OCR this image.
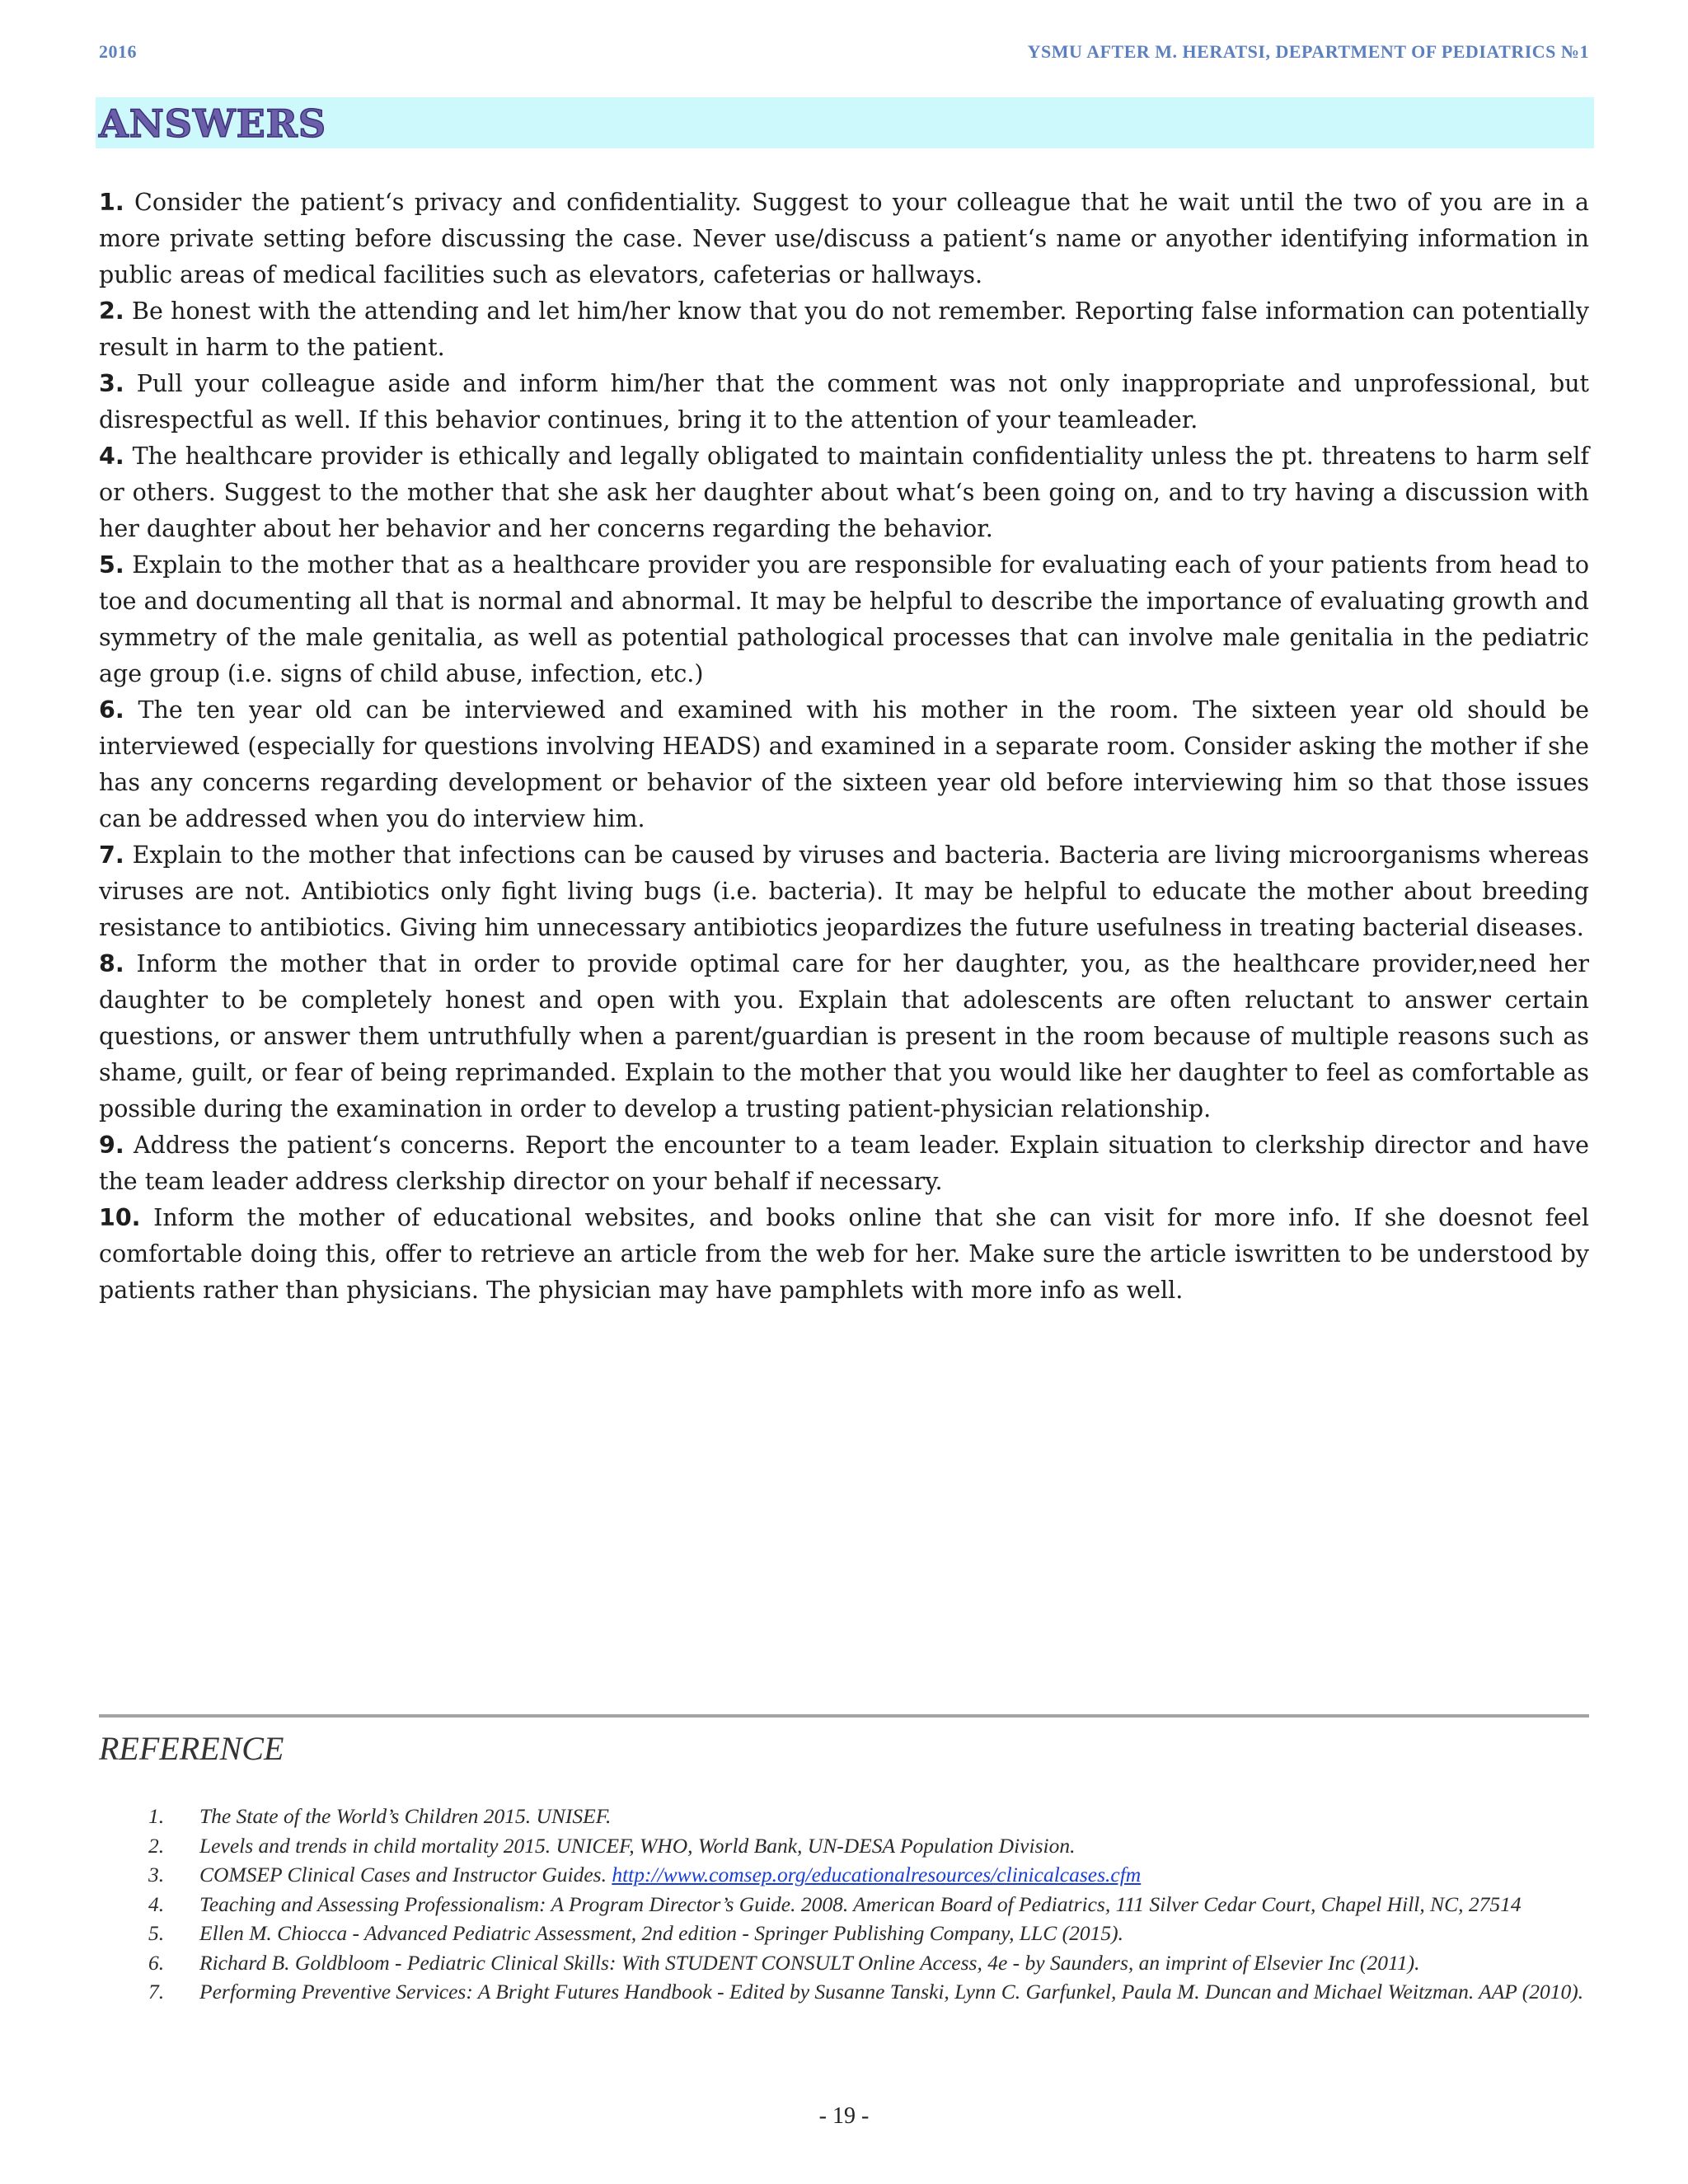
2016	YSMU AFTER M. HERATSI, DEPARTMENT OF PEDIATRICS №1
ANSWERS

1. Consider the patient‘s privacy and confidentiality. Suggest to your colleague that he wait until the two of you are in a more private setting before discussing the case. Never use/discuss a patient‘s name or anyother identifying information in public areas of medical facilities such as elevators, cafeterias or hallways.

2. Be honest with the attending and let him/her know that you do not remember. Reporting false information can potentially result in harm to the patient.

3. Pull your colleague aside and inform him/her that the comment was not only inappropriate and unprofessional, but disrespectful as well. If this behavior continues, bring it to the attention of your teamleader.

4. The healthcare provider is ethically and legally obligated to maintain confidentiality unless the pt. threatens to harm self or others. Suggest to the mother that she ask her daughter about what‘s been going on, and to try having a discussion with her daughter about her behavior and her concerns regarding the behavior.

5. Explain to the mother that as a healthcare provider you are responsible for evaluating each of your patients from head to toe and documenting all that is normal and abnormal. It may be helpful to describe the importance of evaluating growth and symmetry of the male genitalia, as well as potential pathological processes that can involve male genitalia in the pediatric age group (i.e. signs of child abuse, infection, etc.)

6. The ten year old can be interviewed and examined with his mother in the room. The sixteen year old should be interviewed (especially for questions involving HEADS) and examined in a separate room. Consider asking the mother if she has any concerns regarding development or behavior of the sixteen year old before interviewing him so that those issues can be addressed when you do interview him.

7. Explain to the mother that infections can be caused by viruses and bacteria. Bacteria are living microorganisms whereas viruses are not. Antibiotics only fight living bugs (i.e. bacteria). It may be helpful to educate the mother about breeding resistance to antibiotics. Giving him unnecessary antibiotics jeopardizes the future usefulness in treating bacterial diseases.

8. Inform the mother that in order to provide optimal care for her daughter, you, as the healthcare provider,need her daughter to be completely honest and open with you. Explain that adolescents are often reluctant to answer certain questions, or answer them untruthfully when a parent/guardian is present in the room because of multiple reasons such as shame, guilt, or fear of being reprimanded. Explain to the mother that you would like her daughter to feel as comfortable as possible during the examination in order to develop a trusting patient-physician relationship.

9. Address the patient‘s concerns. Report the encounter to a team leader. Explain situation to clerkship director and have the team leader address clerkship director on your behalf if necessary.

10. Inform the mother of educational websites, and books online that she can visit for more info. If she doesnot feel comfortable doing this, offer to retrieve an article from the web for her. Make sure the article iswritten to be understood by patients rather than physicians. The physician may have pamphlets with more info as well.

REFERENCE
1. The State of the World’s Children 2015. UNISEF.
2. Levels and trends in child mortality 2015. UNICEF, WHO, World Bank, UN-DESA Population Division.
3. COMSEP Clinical Cases and Instructor Guides. http://www.comsep.org/educationalresources/clinicalcases.cfm
4. Teaching and Assessing Professionalism: A Program Director’s Guide. 2008. American Board of Pediatrics, 111 Silver Cedar Court, Chapel Hill, NC, 27514
5. Ellen M. Chiocca - Advanced Pediatric Assessment, 2nd edition - Springer Publishing Company, LLC (2015).
6. Richard B. Goldbloom - Pediatric Clinical Skills: With STUDENT CONSULT Online Access, 4e - by Saunders, an imprint of Elsevier Inc (2011).
7. Performing Preventive Services: A Bright Futures Handbook - Edited by Susanne Tanski, Lynn C. Garfunkel, Paula M. Duncan and Michael Weitzman. AAP (2010).
- 19 -
